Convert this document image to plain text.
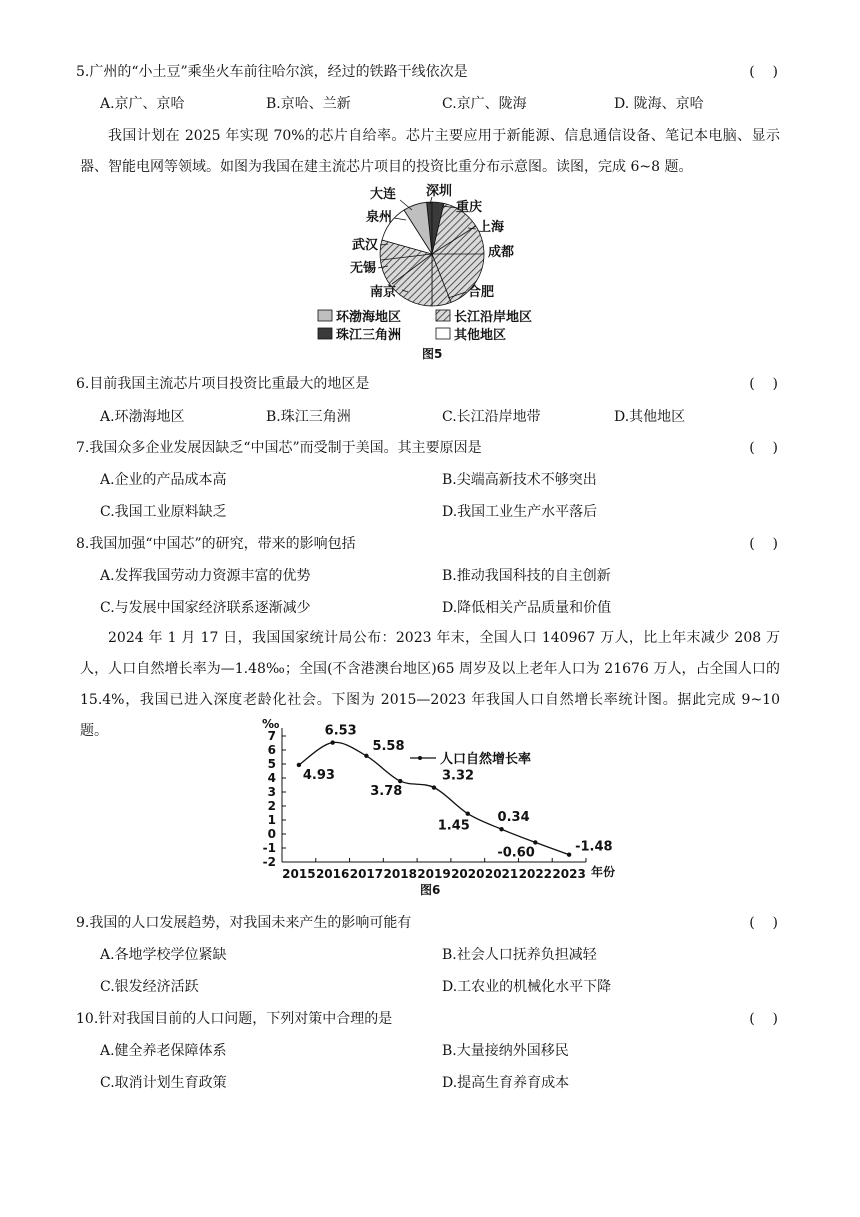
5.广州的“小土豆”乘坐火车前往哈尔滨，经过的铁路干线依次是	(    )
A.京广、京哈	B.京哈、兰新	C.京广、陇海	D. 陇海、京哈
我国计划在 2025 年实现 70%的芯片自给率。芯片主要应用于新能源、信息通信设备、笔记本电脑、显示器、智能电网等领域。如图为我国在建主流芯片项目的投资比重分布示意图。读图，完成 6~8 题。
大连 深圳
重庆
泉州
上海
成都
武汉
无锡
南京	合肥
环渤海地区	长江沿岸地区
珠江三角洲	其他地区
图5
6.目前我国主流芯片项目投资比重最大的地区是	(    )
A.环渤海地区	B.珠江三角洲	C.长江沿岸地带	D.其他地区
7.我国众多企业发展因缺乏“中国芯”而受制于美国。其主要原因是	(    )
A.企业的产品成本高	B.尖端高新技术不够突出
C.我国工业原料缺乏	D.我国工业生产水平落后
8.我国加强“中国芯”的研究，带来的影响包括	(    )
A.发挥我国劳动力资源丰富的优势	B.推动我国科技的自主创新
C.与发展中国家经济联系逐渐减少	D.降低相关产品质量和价值
2024 年 1 月 17 日，我国国家统计局公布：2023 年末，全国人口 140967 万人，比上年末减少 208 万人，人口自然增长率为—1.48‰；全国(不含港澳台地区)65 周岁及以上老年人口为 21676 万人，占全国人口的 15.4%，我国已进入深度老龄化社会。下图为 2015—2023 年我国人口自然增长率统计图。据此完成 9~10 题。	7
6
5
4
3
2
1
0
-1
-2
2015 2016 2017 2018 2019 2020 2021 2022 2023
4.93
6.53
5.58
3.78
3.32
1.45
0.34
-0.60	-1.48
‰
年份
人口自然增长率
图6
9.我国的人口发展趋势，对我国未来产生的影响可能有	(    )
A.各地学校学位紧缺	B.社会人口抚养负担减轻
C.银发经济活跃	D.工农业的机械化水平下降
10.针对我国目前的人口问题，下列对策中合理的是	(    )
A.健全养老保障体系	B.大量接纳外国移民
C.取消计划生育政策	D.提高生育养育成本
